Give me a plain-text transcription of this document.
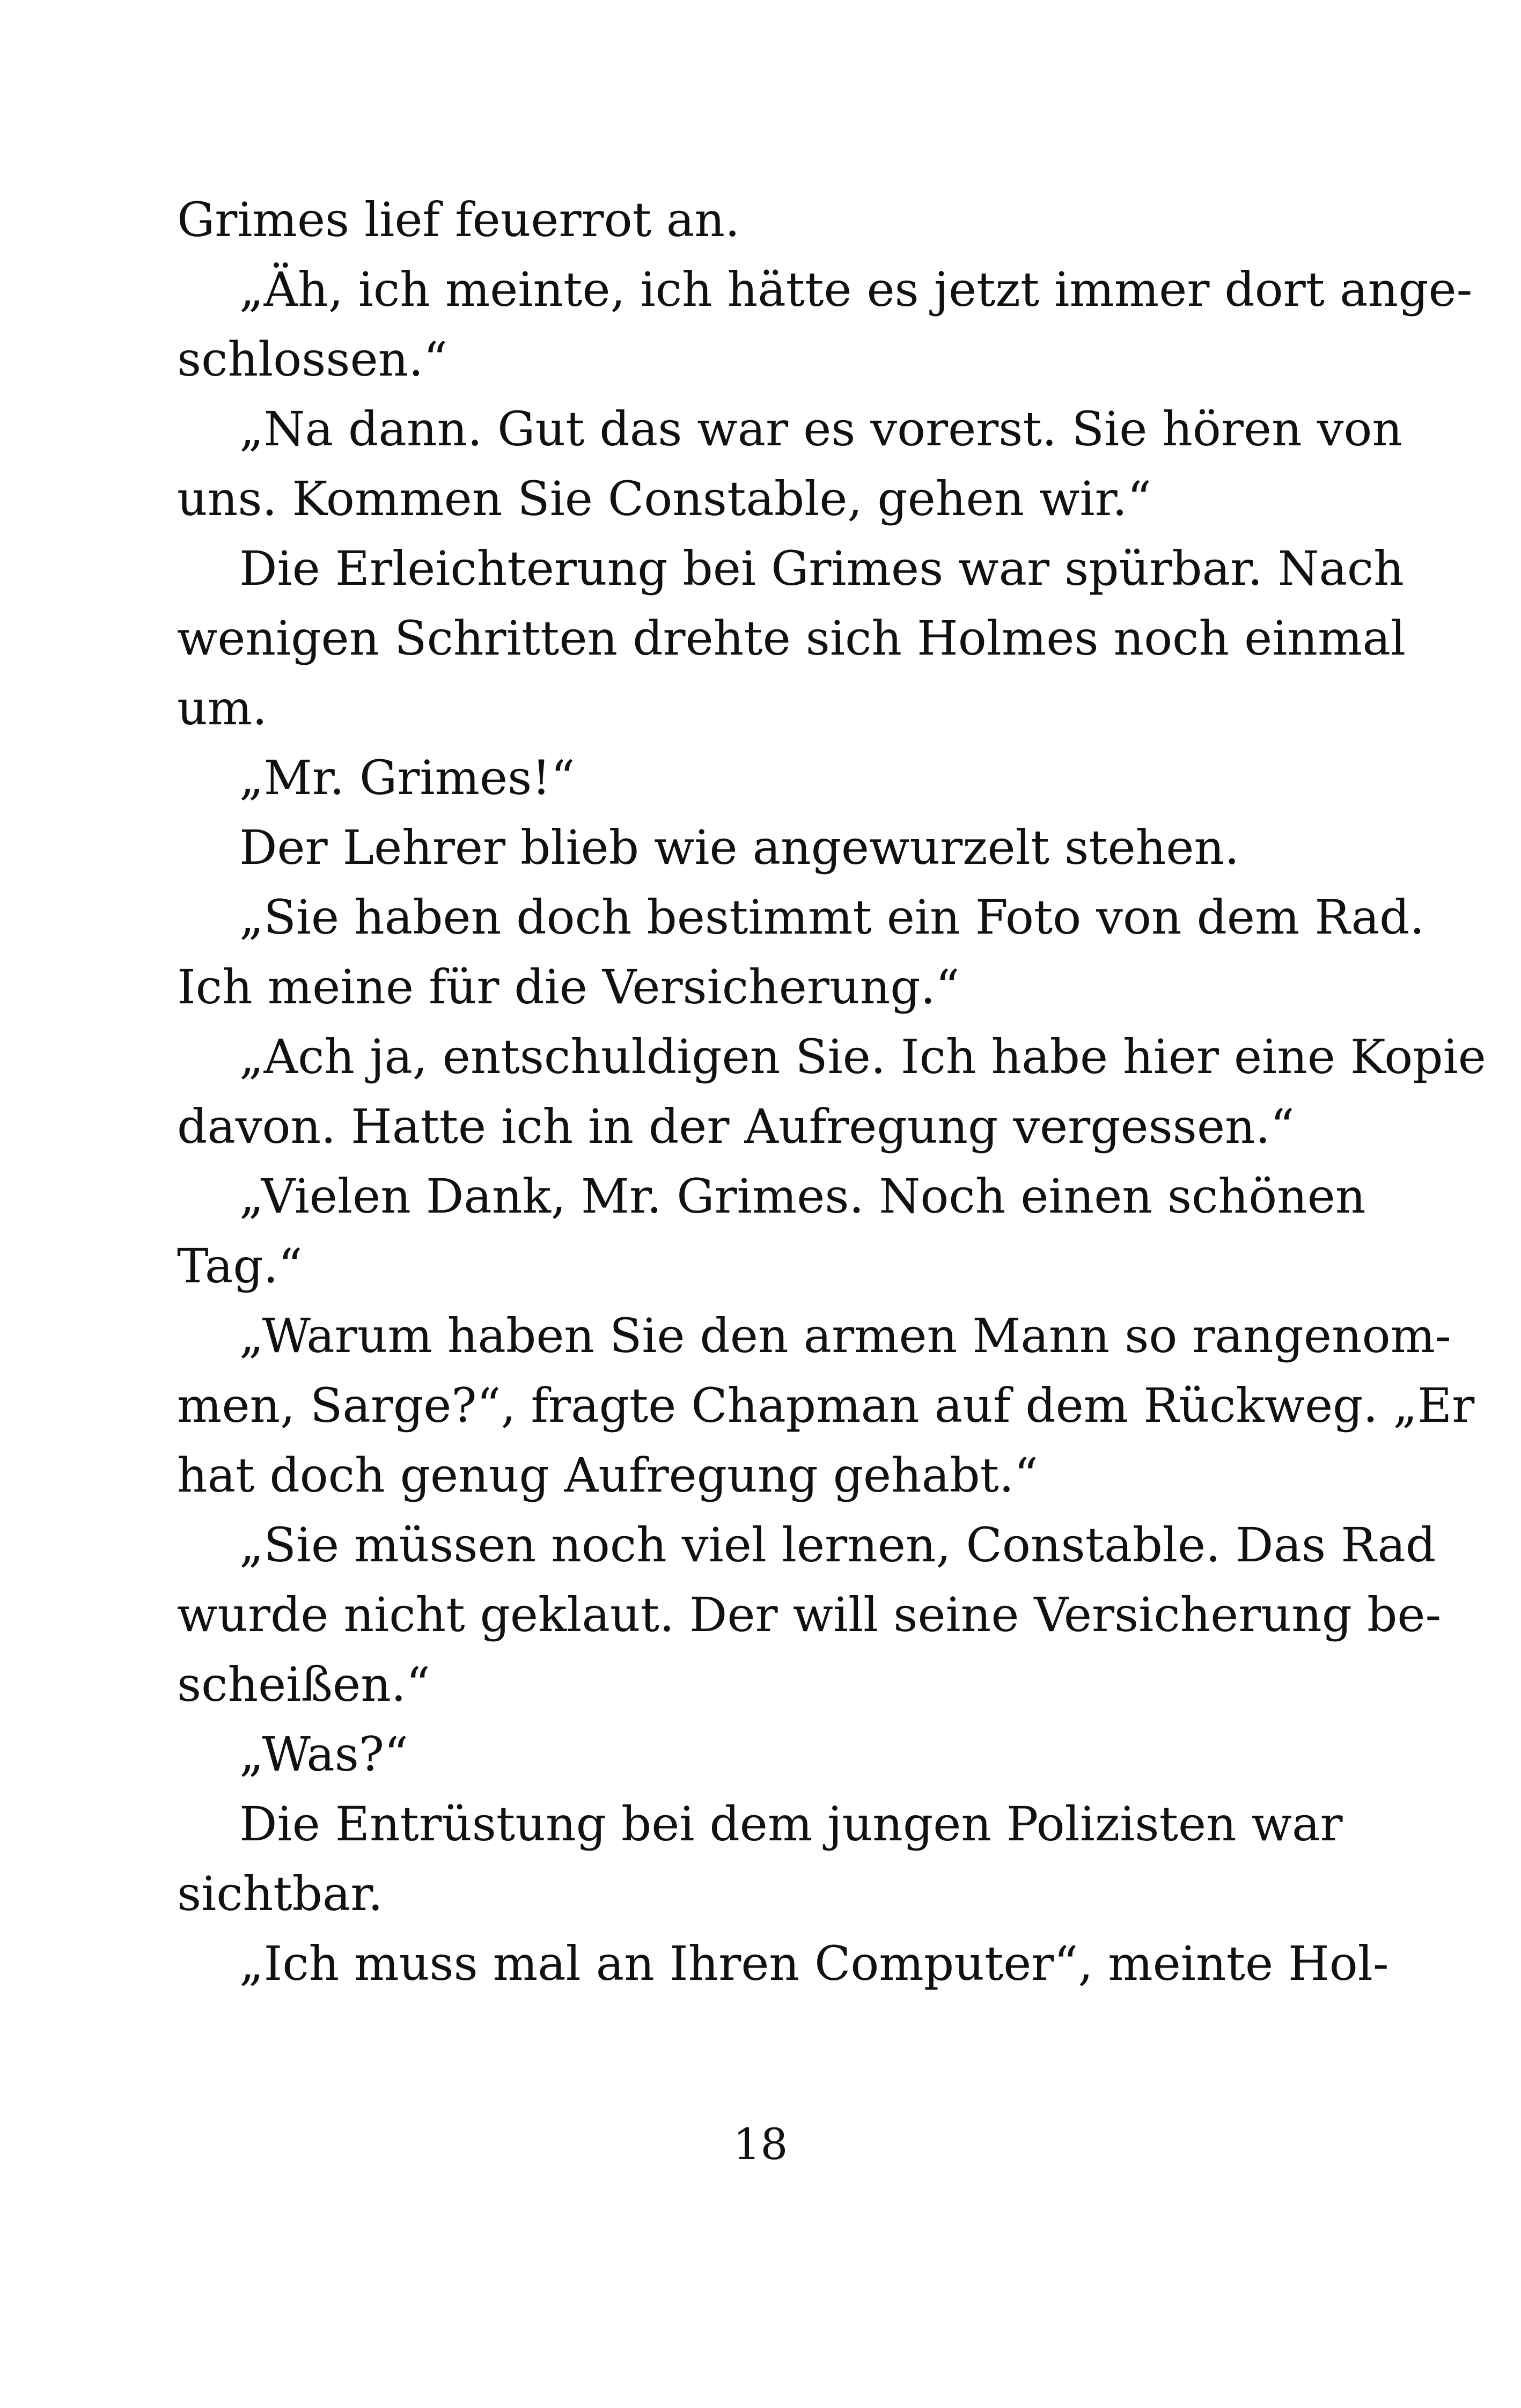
Grimes lief feuerrot an.
„Äh, ich meinte, ich hätte es jetzt immer dort ange-
schlossen.“
„Na dann. Gut das war es vorerst. Sie hören von
uns. Kommen Sie Constable, gehen wir.“
Die Erleichterung bei Grimes war spürbar. Nach
wenigen Schritten drehte sich Holmes noch einmal
um.
„Mr. Grimes!“
Der Lehrer blieb wie angewurzelt stehen.
„Sie haben doch bestimmt ein Foto von dem Rad.
Ich meine für die Versicherung.“
„Ach ja, entschuldigen Sie. Ich habe hier eine Kopie
davon. Hatte ich in der Aufregung vergessen.“
„Vielen Dank, Mr. Grimes. Noch einen schönen
Tag.“
„Warum haben Sie den armen Mann so rangenom-
men, Sarge?“, fragte Chapman auf dem Rückweg. „Er
hat doch genug Aufregung gehabt.“
„Sie müssen noch viel lernen, Constable. Das Rad
wurde nicht geklaut. Der will seine Versicherung be-
scheißen.“
„Was?“
Die Entrüstung bei dem jungen Polizisten war
sichtbar.
„Ich muss mal an Ihren Computer“, meinte Hol-
18
